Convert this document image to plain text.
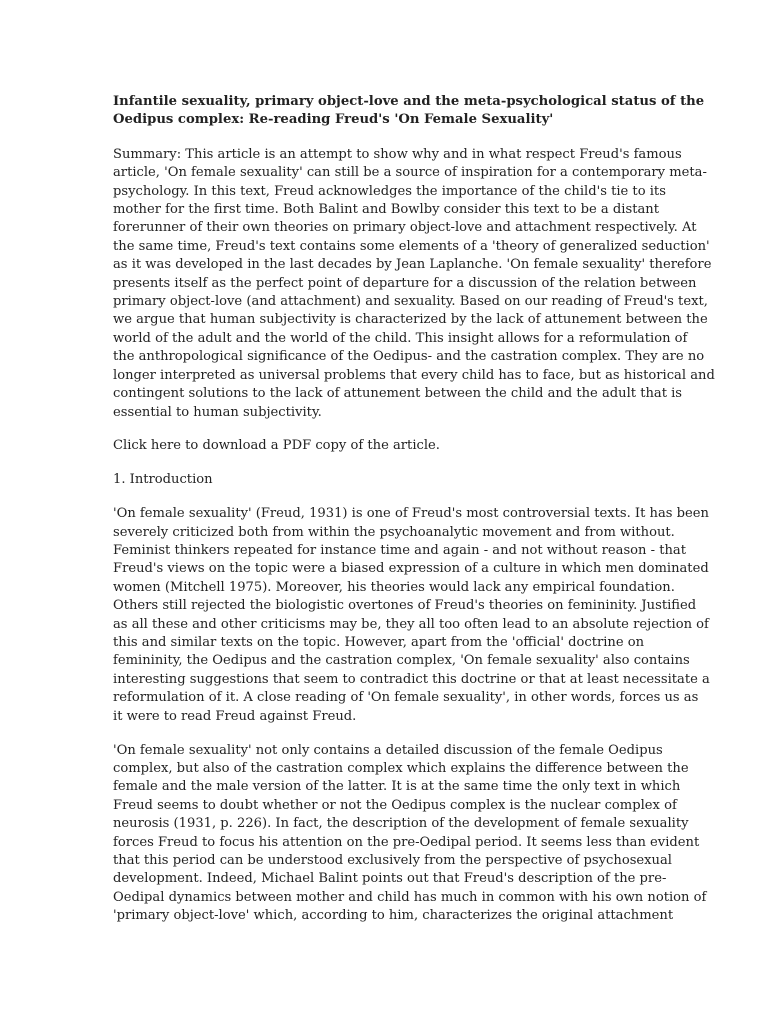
Infantile sexuality, primary object-love and the meta-psychological status of the
Oedipus complex: Re-reading Freud's 'On Female Sexuality'
Summary: This article is an attempt to show why and in what respect Freud's famous
article, 'On female sexuality' can still be a source of inspiration for a contemporary meta-
psychology. In this text, Freud acknowledges the importance of the child's tie to its
mother for the first time. Both Balint and Bowlby consider this text to be a distant
forerunner of their own theories on primary object-love and attachment respectively. At
the same time, Freud's text contains some elements of a 'theory of generalized seduction'
as it was developed in the last decades by Jean Laplanche. 'On female sexuality' therefore
presents itself as the perfect point of departure for a discussion of the relation between
primary object-love (and attachment) and sexuality. Based on our reading of Freud's text,
we argue that human subjectivity is characterized by the lack of attunement between the
world of the adult and the world of the child. This insight allows for a reformulation of
the anthropological significance of the Oedipus- and the castration complex. They are no
longer interpreted as universal problems that every child has to face, but as historical and
contingent solutions to the lack of attunement between the child and the adult that is
essential to human subjectivity.
Click here to download a PDF copy of the article.
1. Introduction
'On female sexuality' (Freud, 1931) is one of Freud's most controversial texts. It has been
severely criticized both from within the psychoanalytic movement and from without.
Feminist thinkers repeated for instance time and again - and not without reason - that
Freud's views on the topic were a biased expression of a culture in which men dominated
women (Mitchell 1975). Moreover, his theories would lack any empirical foundation.
Others still rejected the biologistic overtones of Freud's theories on femininity. Justified
as all these and other criticisms may be, they all too often lead to an absolute rejection of
this and similar texts on the topic. However, apart from the 'official' doctrine on
femininity, the Oedipus and the castration complex, 'On female sexuality' also contains
interesting suggestions that seem to contradict this doctrine or that at least necessitate a
reformulation of it. A close reading of 'On female sexuality', in other words, forces us as
it were to read Freud against Freud.
'On female sexuality' not only contains a detailed discussion of the female Oedipus
complex, but also of the castration complex which explains the difference between the
female and the male version of the latter. It is at the same time the only text in which
Freud seems to doubt whether or not the Oedipus complex is the nuclear complex of
neurosis (1931, p. 226). In fact, the description of the development of female sexuality
forces Freud to focus his attention on the pre-Oedipal period. It seems less than evident
that this period can be understood exclusively from the perspective of psychosexual
development. Indeed, Michael Balint points out that Freud's description of the pre-
Oedipal dynamics between mother and child has much in common with his own notion of
'primary object-love' which, according to him, characterizes the original attachment
